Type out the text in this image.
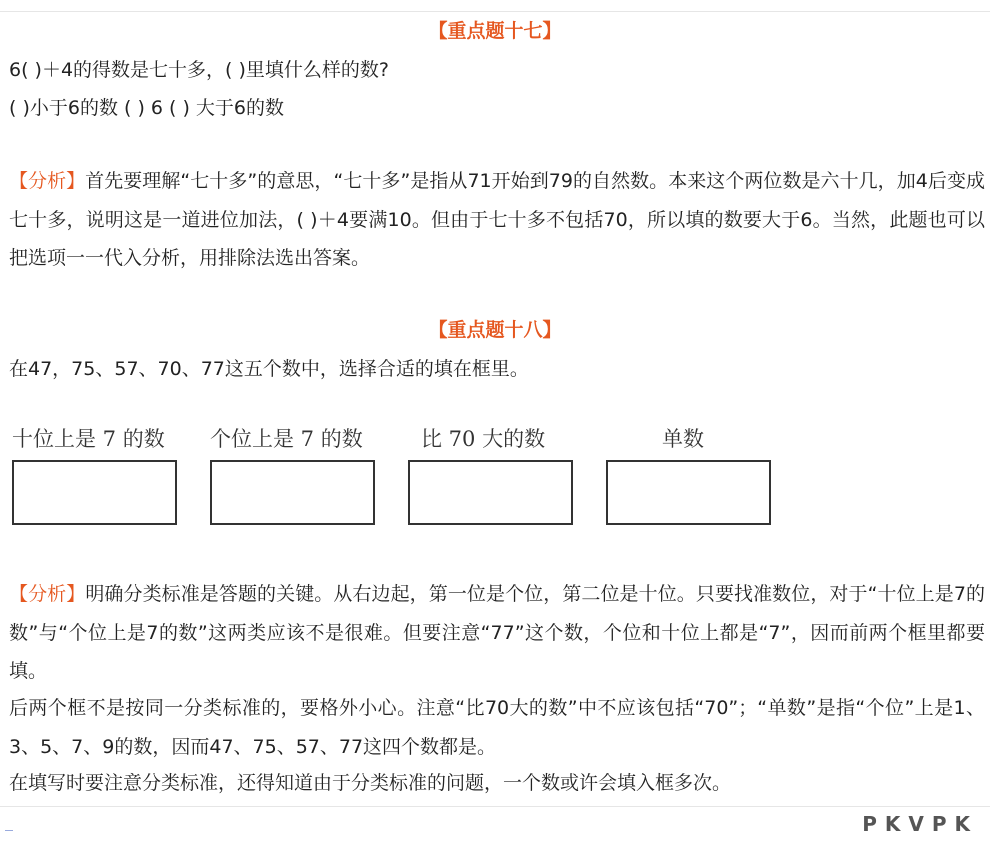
【重点题十七】
6( )＋4的得数是七十多，( )里填什么样的数?
( )小于6的数 ( ) 6 ( ) 大于6的数
【分析】首先要理解“七十多”的意思，“七十多”是指从71开始到79的自然数。本来这个两位数是六十几，加4后变成七十多，说明这是一道进位加法，( )＋4要满10。但由于七十多不包括70，所以填的数要大于6。当然，此题也可以把选项一一代入分析，用排除法选出答案。
【重点题十八】
在47，75、57、70、77这五个数中，选择合适的填在框里。
十位上是 7 的数 个位上是 7 的数	比 70 大的数	单数
【分析】明确分类标准是答题的关键。从右边起，第一位是个位，第二位是十位。只要找准数位，对于“十位上是7的数”与“个位上是7的数”这两类应该不是很难。但要注意“77”这个数，个位和十位上都是“7”，因而前两个框里都要填。
后两个框不是按同一分类标准的，要格外小心。注意“比70大的数”中不应该包括“70”；“单数”是指“个位”上是1、3、5、7、9的数，因而47、75、57、77这四个数都是。
在填写时要注意分类标准，还得知道由于分类标准的问题，一个数或许会填入框多次。
PKVPK
